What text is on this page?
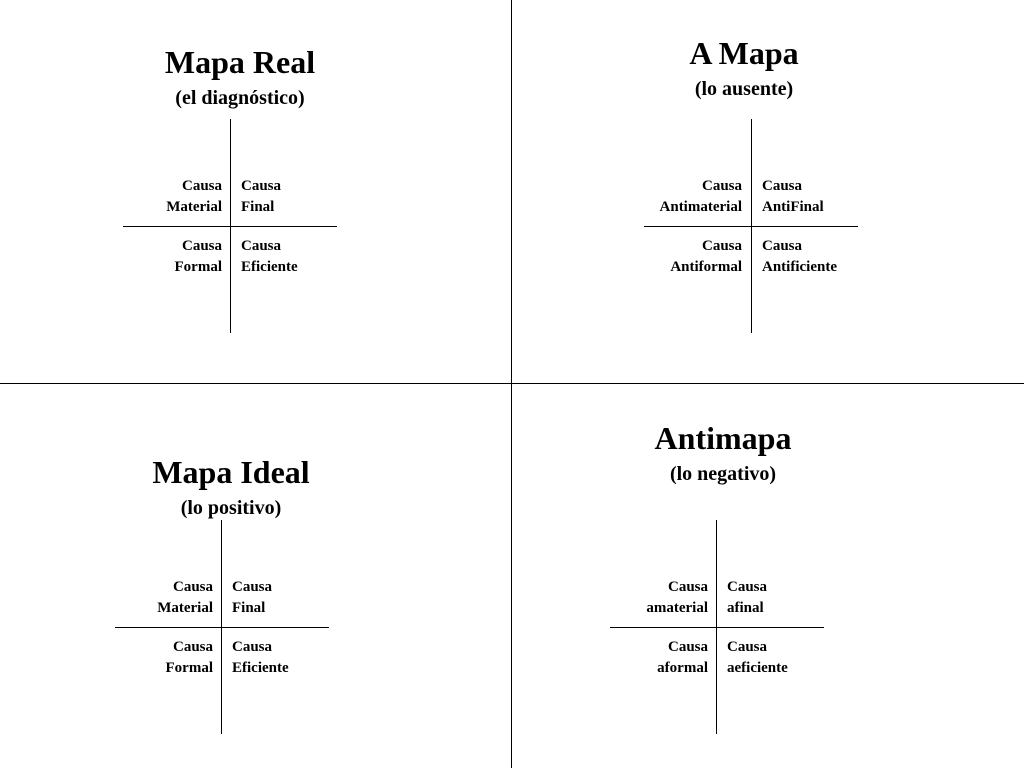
Mapa Real
(el diagnóstico)
Causa
Material
Causa
Final
Causa
Formal
Causa
Eficiente
A Mapa
(lo ausente)
Causa
Antimaterial
Causa
AntiFinal
Causa
Antiformal
Causa
Antificiente
Mapa Ideal
(lo positivo)
Causa
Material
Causa
Final
Causa
Formal
Causa
Eficiente
Antimapa
(lo negativo)
Causa
amaterial
Causa
afinal
Causa
aformal
Causa
aeficiente
